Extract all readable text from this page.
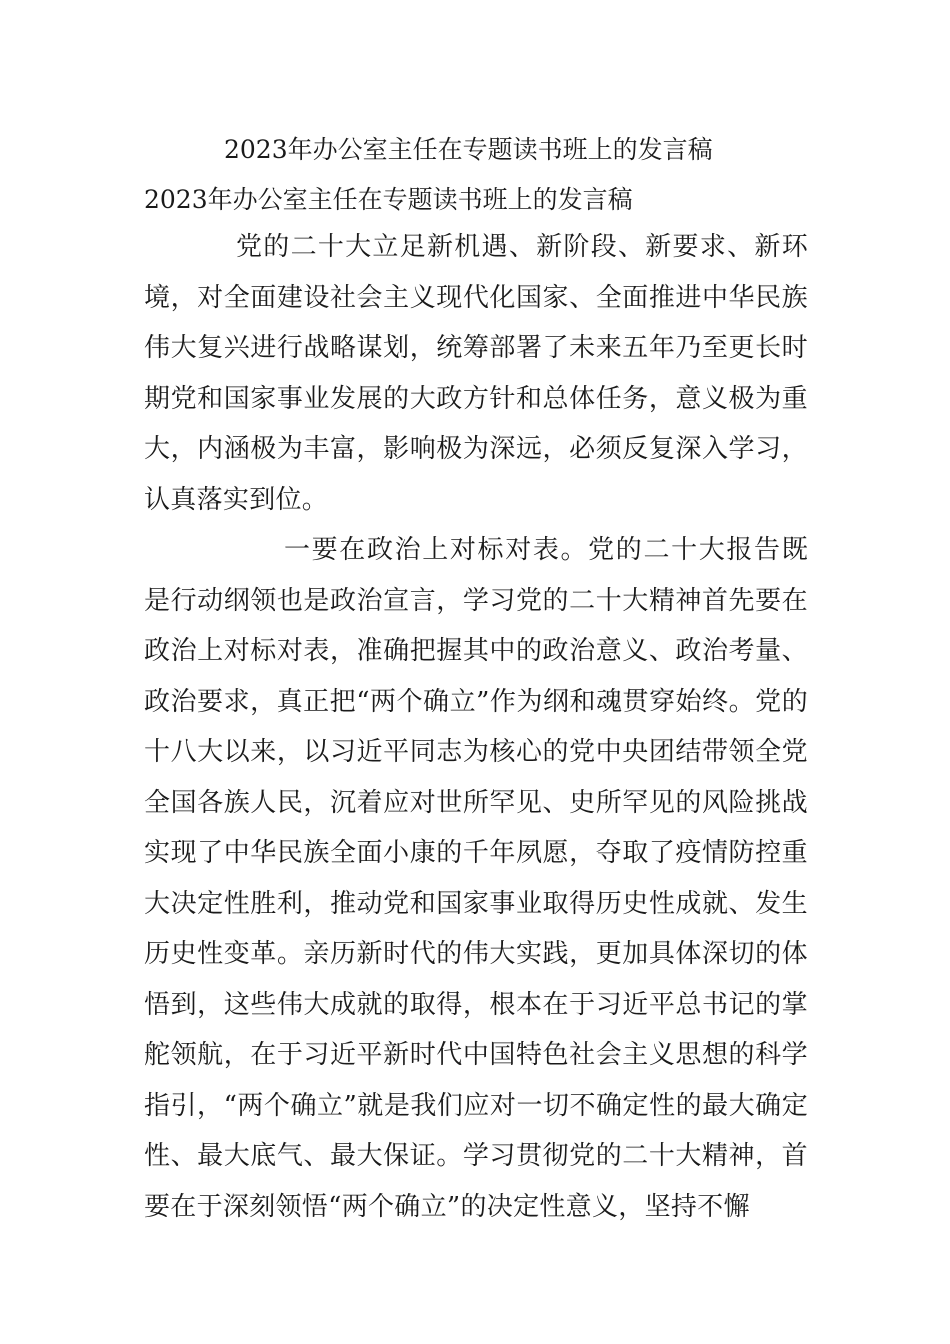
2023年办公室主任在专题读书班上的发言稿
2023年办公室主任在专题读书班上的发言稿

党的二十大立足新机遇、新阶段、新要求、新环境，对全面建设社会主义现代化国家、全面推进中华民族伟大复兴进行战略谋划，统筹部署了未来五年乃至更长时期党和国家事业发展的大政方针和总体任务，意义极为重大，内涵极为丰富，影响极为深远，必须反复深入学习，认真落实到位。

一要在政治上对标对表。党的二十大报告既是行动纲领也是政治宣言，学习党的二十大精神首先要在政治上对标对表，准确把握其中的政治意义、政治考量、政治要求，真正把“两个确立”作为纲和魂贯穿始终。党的十八大以来，以习近平同志为核心的党中央团结带领全党全国各族人民，沉着应对世所罕见、史所罕见的风险挑战实现了中华民族全面小康的千年夙愿，夺取了疫情防控重大决定性胜利，推动党和国家事业取得历史性成就、发生历史性变革。亲历新时代的伟大实践，更加具体深切的体悟到，这些伟大成就的取得，根本在于习近平总书记的掌舵领航，在于习近平新时代中国特色社会主义思想的科学指引，“两个确立”就是我们应对一切不确定性的最大确定性、最大底气、最大保证。学习贯彻党的二十大精神，首要在于深刻领悟“两个确立”的决定性意义，坚持不懈
